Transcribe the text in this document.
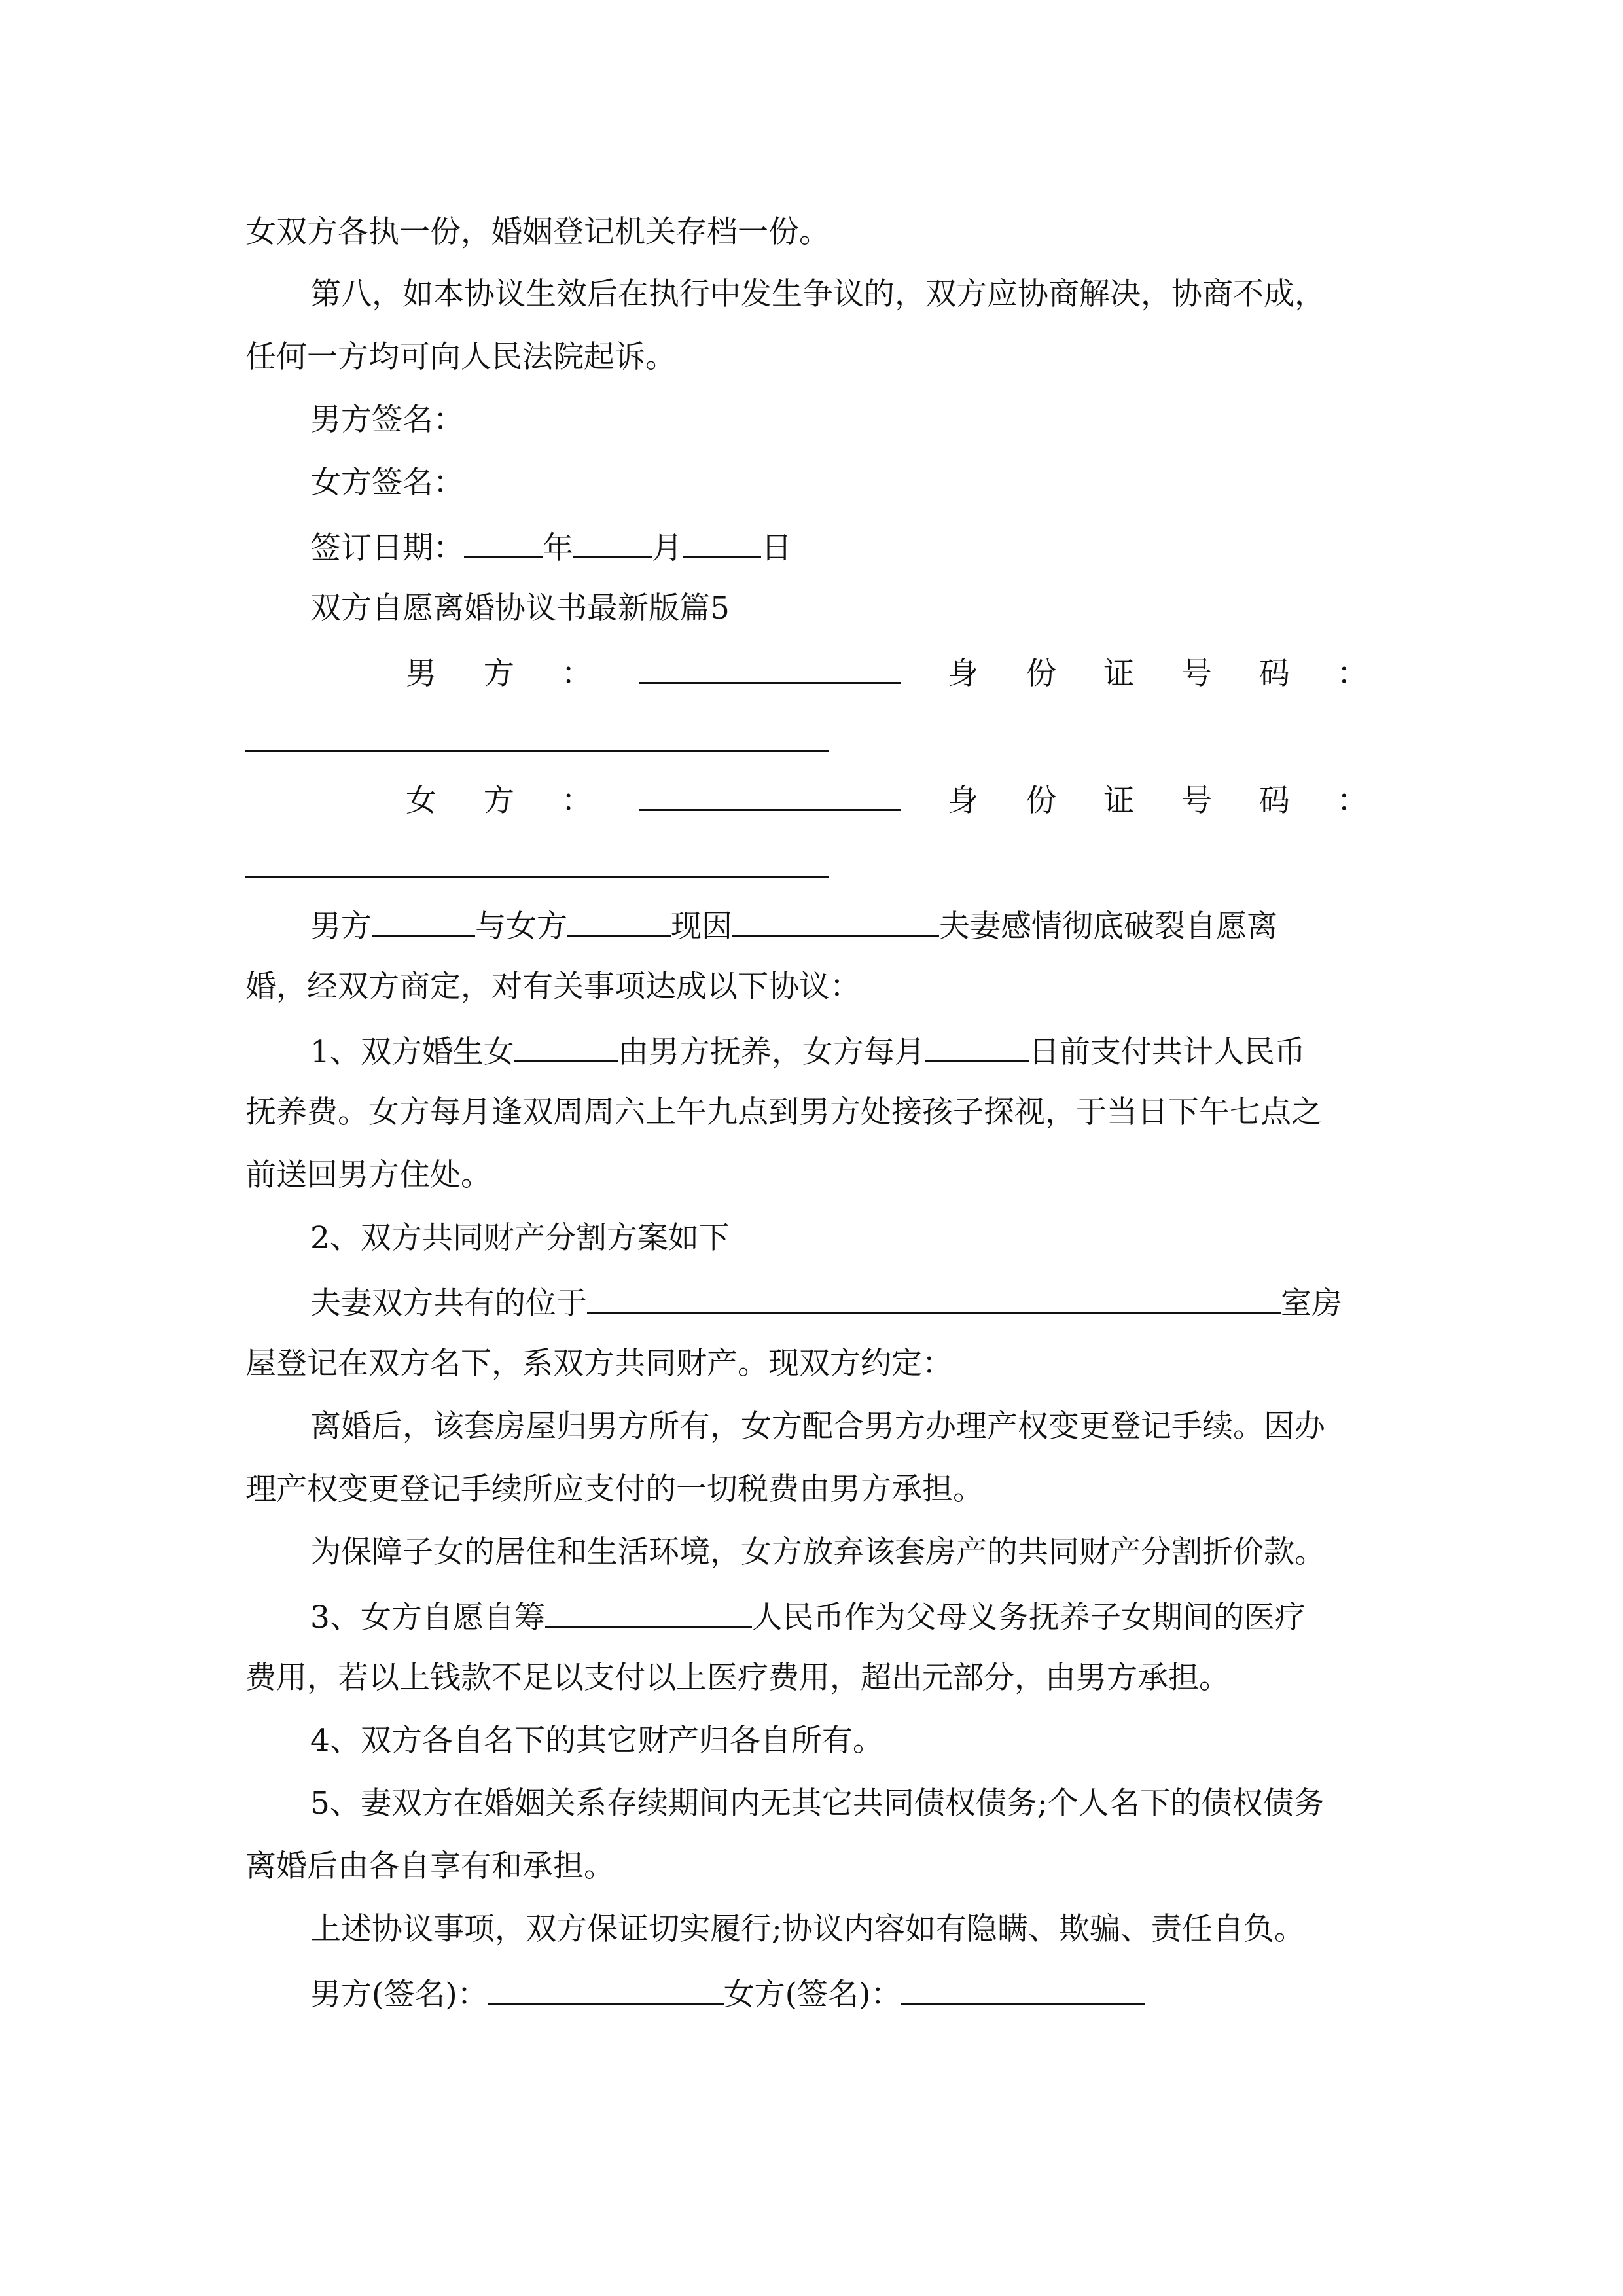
女双方各执一份，婚姻登记机关存档一份。
第八，如本协议生效后在执行中发生争议的，双方应协商解决，协商不成，
任何一方均可向人民法院起诉。
男方签名：
女方签名：
签订日期：	年	月	日
双方自愿离婚协议书最新版篇5
男 方 ：	身 份 证 号 码 ：
女 方 ：	身 份 证 号 码 ：
男方	与女方	现因	夫妻感情彻底破裂自愿离
婚，经双方商定，对有关事项达成以下协议：
1、双方婚生女	由男方抚养，女方每月	日前支付共计人民币
抚养费。女方每月逢双周周六上午九点到男方处接孩子探视，于当日下午七点之
前送回男方住处。
2、双方共同财产分割方案如下
夫妻双方共有的位于	室房
屋登记在双方名下，系双方共同财产。现双方约定：
离婚后，该套房屋归男方所有，女方配合男方办理产权变更登记手续。因办
理产权变更登记手续所应支付的一切税费由男方承担。
为保障子女的居住和生活环境，女方放弃该套房产的共同财产分割折价款。
3、女方自愿自筹	人民币作为父母义务抚养子女期间的医疗
费用，若以上钱款不足以支付以上医疗费用，超出元部分，由男方承担。
4、双方各自名下的其它财产归各自所有。
5、妻双方在婚姻关系存续期间内无其它共同债权债务;个人名下的债权债务
离婚后由各自享有和承担。
上述协议事项，双方保证切实履行;协议内容如有隐瞒、欺骗、责任自负。
男方(签名)：	女方(签名)：
